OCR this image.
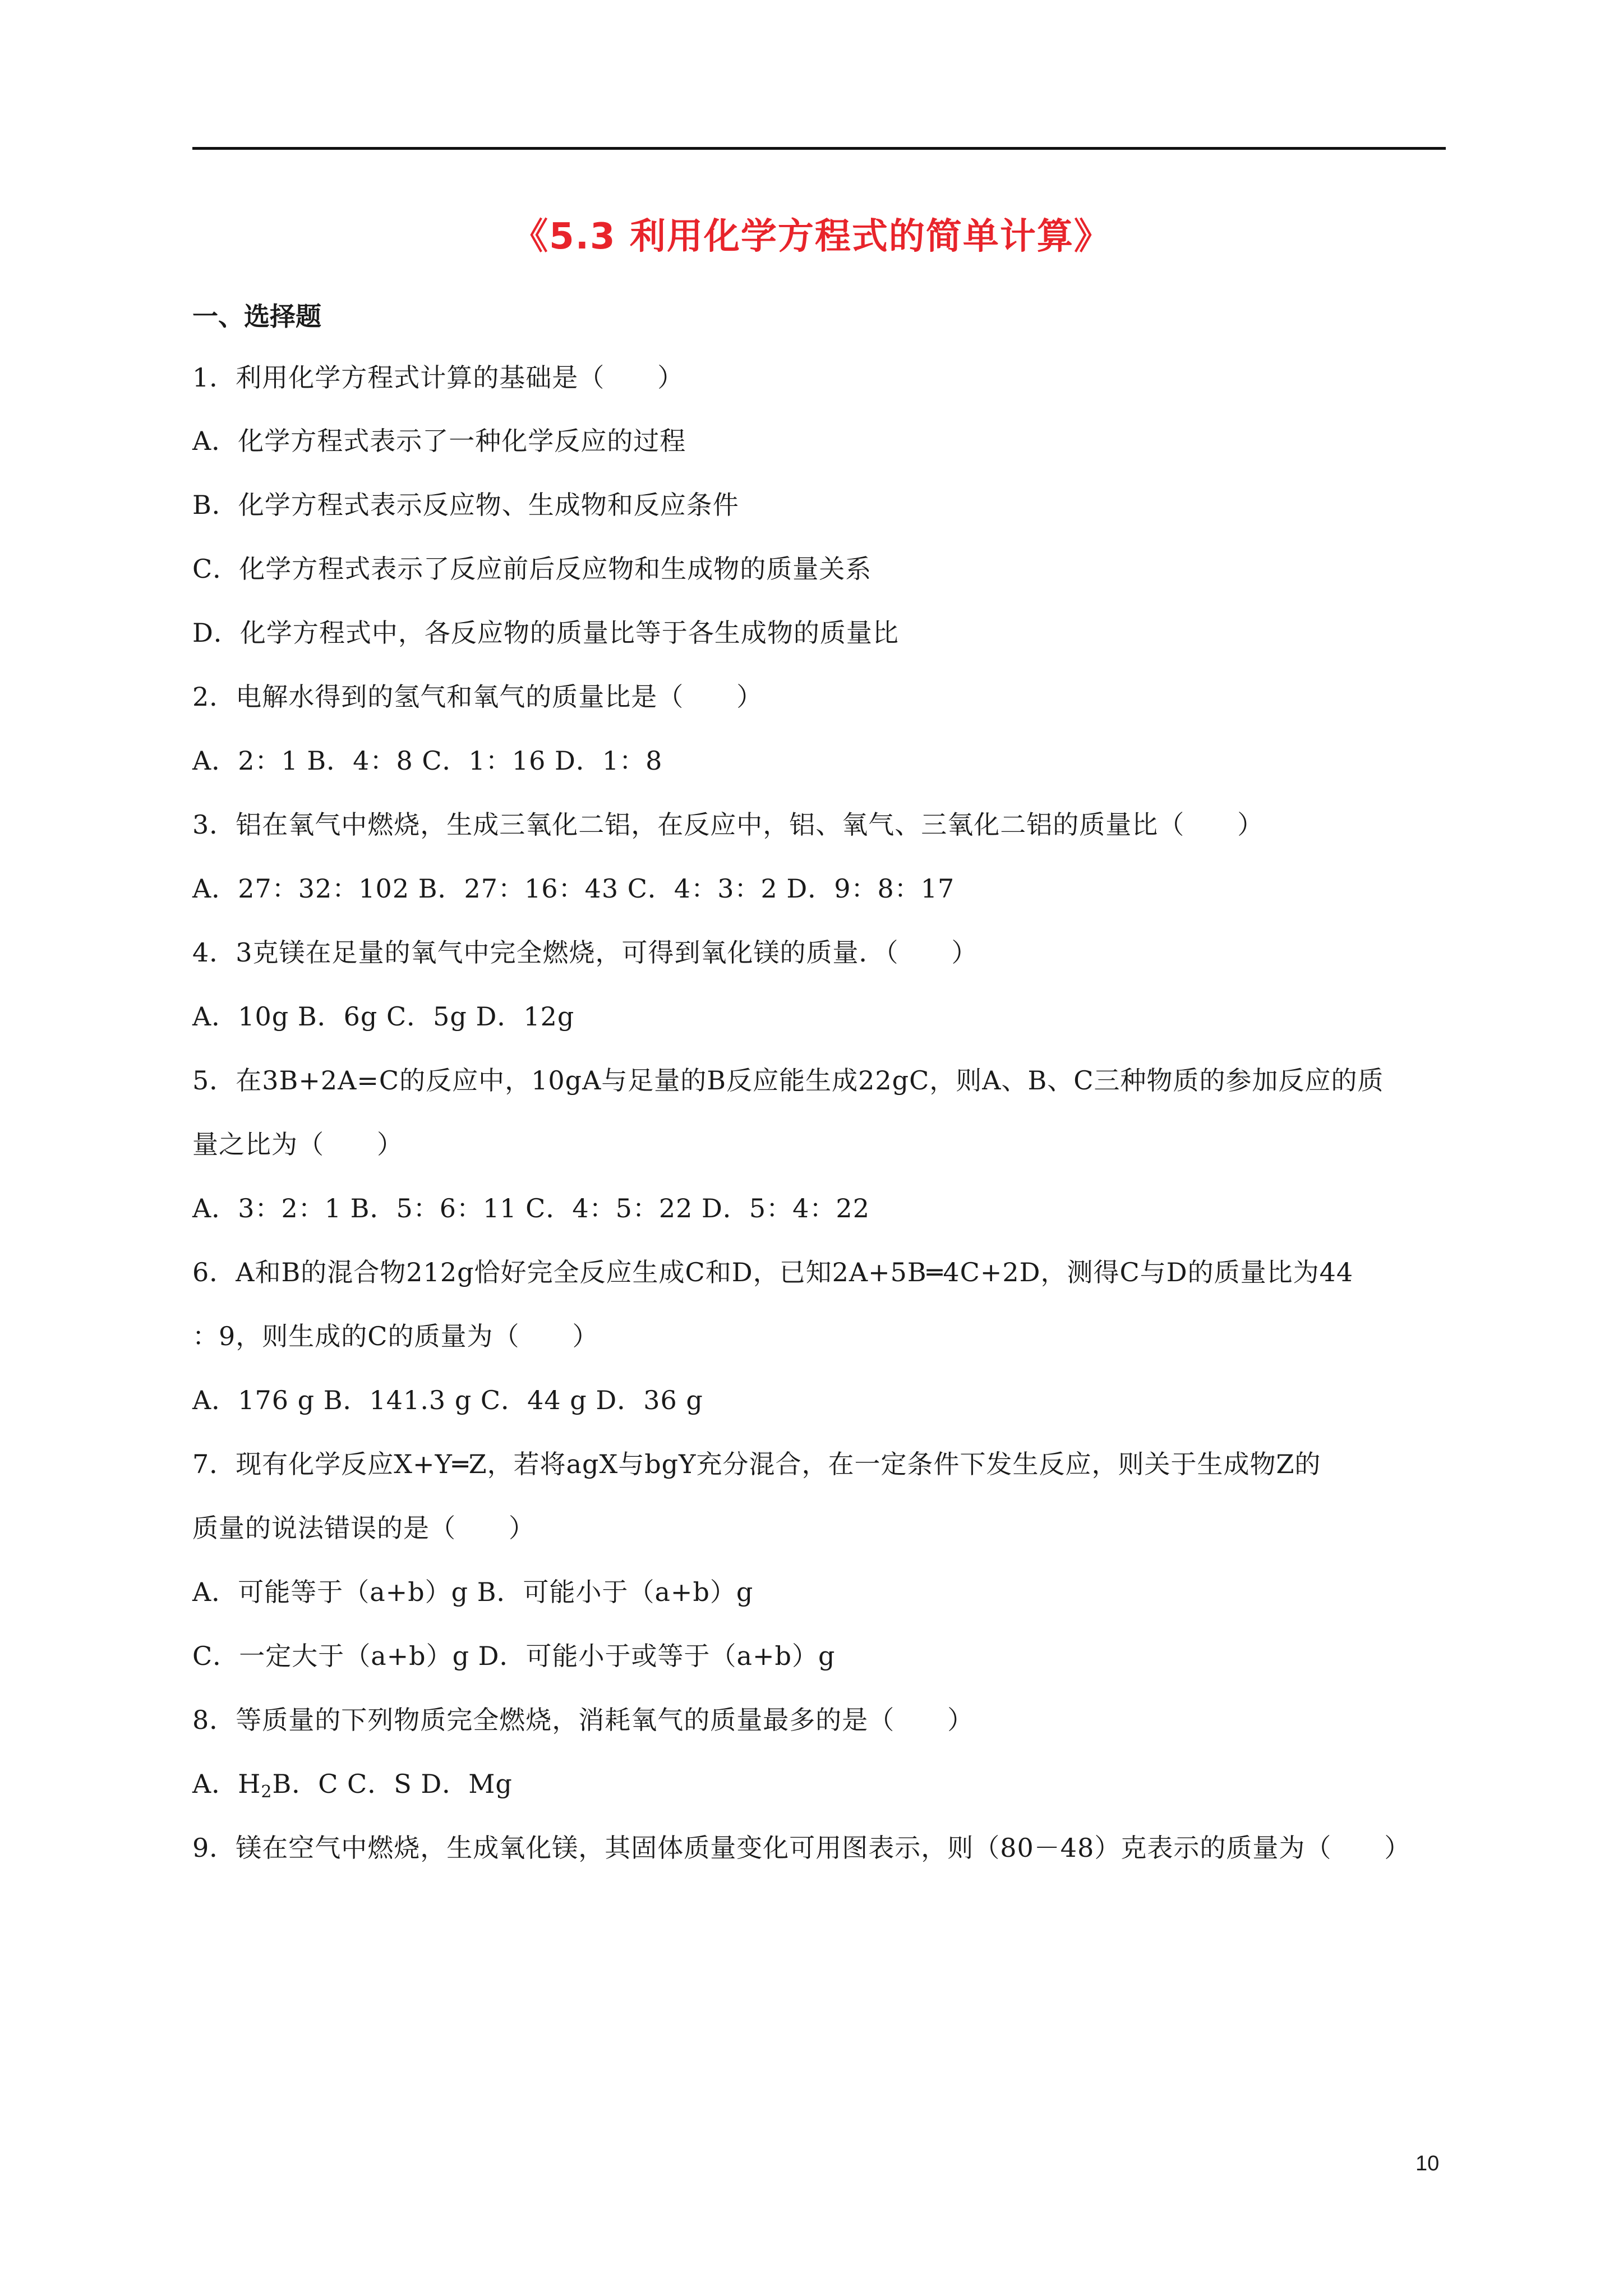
《5.3 利用化学方程式的简单计算》
一、选择题
1．利用化学方程式计算的基础是（　　）
A．化学方程式表示了一种化学反应的过程
B．化学方程式表示反应物、生成物和反应条件
C．化学方程式表示了反应前后反应物和生成物的质量关系
D．化学方程式中，各反应物的质量比等于各生成物的质量比
2．电解水得到的氢气和氧气的质量比是（　　）
A．2：1 B．4：8 C．1：16 D．1：8
3．铝在氧气中燃烧，生成三氧化二铝，在反应中，铝、氧气、三氧化二铝的质量比（　　）
A．27：32：102 B．27：16：43 C．4：3：2 D．9：8：17
4．3克镁在足量的氧气中完全燃烧，可得到氧化镁的质量．（　　）
A．10g B．6g C．5g D．12g
5．在3B+2A=C的反应中，10gA与足量的B反应能生成22gC，则A、B、C三种物质的参加反应的质
量之比为（　　）
A．3：2：1 B．5：6：11 C．4：5：22 D．5：4：22
6．A和B的混合物212g恰好完全反应生成C和D，已知2A+5B═4C+2D，测得C与D的质量比为44
：9，则生成的C的质量为（　　）
A．176 g B．141.3 g C．44 g D．36 g
7．现有化学反应X+Y═Z，若将agX与bgY充分混合，在一定条件下发生反应，则关于生成物Z的
质量的说法错误的是（　　）
A．可能等于（a+b）g B．可能小于（a+b）g
C．一定大于（a+b）g D．可能小于或等于（a+b）g
8．等质量的下列物质完全燃烧，消耗氧气的质量最多的是（　　）
A．$H_2B$．C C．S D．Mg
9．镁在空气中燃烧，生成氧化镁，其固体质量变化可用图表示，则（80－48）克表示的质量为（　　）
10
